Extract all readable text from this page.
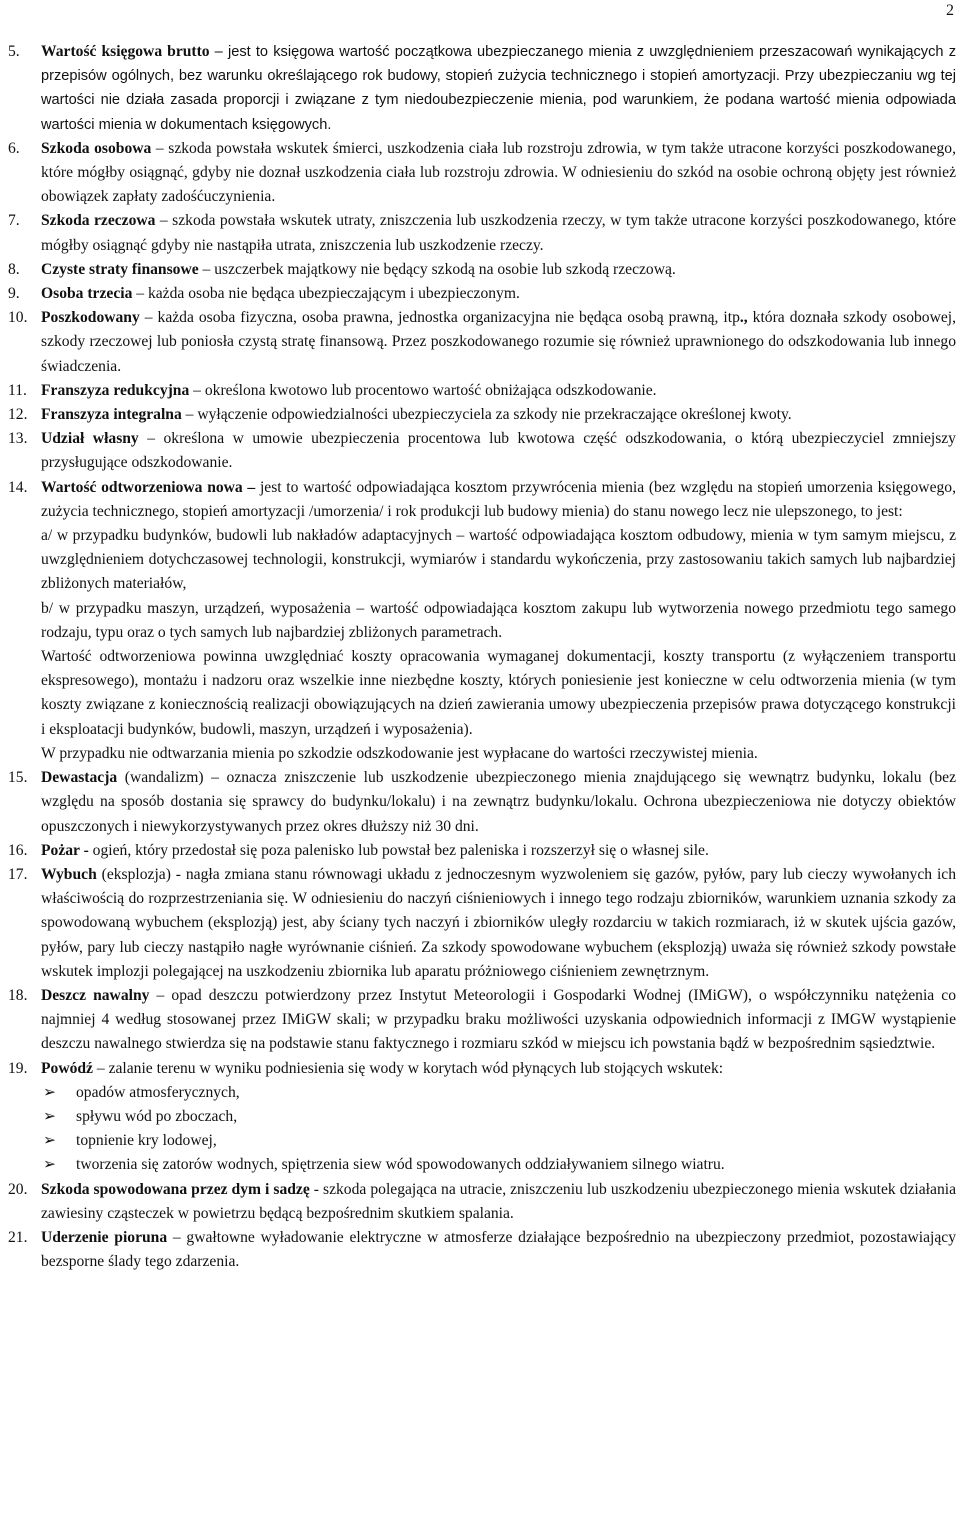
2
5. Wartość księgowa brutto – jest to księgowa wartość początkowa ubezpieczanego mienia z uwzględnieniem przeszacowań wynikających z przepisów ogólnych, bez warunku określającego rok budowy, stopień zużycia technicznego i stopień amortyzacji. Przy ubezpieczaniu wg tej wartości nie działa zasada proporcji i związane z tym niedoubezpieczenie mienia, pod warunkiem, że podana wartość mienia odpowiada wartości mienia w dokumentach księgowych.

6. Szkoda osobowa – szkoda powstała wskutek śmierci, uszkodzenia ciała lub rozstroju zdrowia, w tym także utracone korzyści poszkodowanego, które mógłby osiągnąć, gdyby nie doznał uszkodzenia ciała lub rozstroju zdrowia. W odniesieniu do szkód na osobie ochroną objęty jest również obowiązek zapłaty zadośćuczynienia.

7. Szkoda rzeczowa – szkoda powstała wskutek utraty, zniszczenia lub uszkodzenia rzeczy, w tym także utracone korzyści poszkodowanego, które mógłby osiągnąć gdyby nie nastąpiła utrata, zniszczenia lub uszkodzenie rzeczy.

8. Czyste straty finansowe – uszczerbek majątkowy nie będący szkodą na osobie lub szkodą rzeczową.

9. Osoba trzecia – każda osoba nie będąca ubezpieczającym i ubezpieczonym.

10. Poszkodowany – każda osoba fizyczna, osoba prawna, jednostka organizacyjna nie będąca osobą prawną, itp., która doznała szkody osobowej, szkody rzeczowej lub poniosła czystą stratę finansową. Przez poszkodowanego rozumie się również uprawnionego do odszkodowania lub innego świadczenia.

11. Franszyza redukcyjna – określona kwotowo lub procentowo wartość obniżająca odszkodowanie.

12. Franszyza integralna – wyłączenie odpowiedzialności ubezpieczyciela za szkody nie przekraczające określonej kwoty.

13. Udział własny – określona w umowie ubezpieczenia procentowa lub kwotowa część odszkodowania, o którą ubezpieczyciel zmniejszy przysługujące odszkodowanie.

14. Wartość odtworzeniowa nowa – jest to wartość odpowiadająca kosztom przywrócenia mienia (bez względu na stopień umorzenia księgowego, zużycia technicznego, stopień amortyzacji /umorzenia/ i rok produkcji lub budowy mienia) do stanu nowego lecz nie ulepszonego, to jest:

a/ w przypadku budynków, budowli lub nakładów adaptacyjnych – wartość odpowiadająca kosztom odbudowy, mienia w tym samym miejscu, z uwzględnieniem dotychczasowej technologii, konstrukcji, wymiarów i standardu wykończenia, przy zastosowaniu takich samych lub najbardziej zbliżonych materiałów,

b/ w przypadku maszyn, urządzeń, wyposażenia – wartość odpowiadająca kosztom zakupu lub wytworzenia nowego przedmiotu tego samego rodzaju, typu oraz o tych samych lub najbardziej zbliżonych parametrach.

Wartość odtworzeniowa powinna uwzględniać koszty opracowania wymaganej dokumentacji, koszty transportu (z wyłączeniem transportu ekspresowego), montażu i nadzoru oraz wszelkie inne niezbędne koszty, których poniesienie jest konieczne w celu odtworzenia mienia (w tym koszty związane z koniecznością realizacji obowiązujących na dzień zawierania umowy ubezpieczenia przepisów prawa dotyczącego konstrukcji i eksploatacji budynków, budowli, maszyn, urządzeń i wyposażenia).

W przypadku nie odtwarzania mienia po szkodzie odszkodowanie jest wypłacane do wartości rzeczywistej mienia.

15. Dewastacja (wandalizm) – oznacza zniszczenie lub uszkodzenie ubezpieczonego mienia znajdującego się wewnątrz budynku, lokalu (bez względu na sposób dostania się sprawcy do budynku/lokalu) i na zewnątrz budynku/lokalu. Ochrona ubezpieczeniowa nie dotyczy obiektów opuszczonych i niewykorzystywanych przez okres dłuższy niż 30 dni.

16. Pożar - ogień, który przedostał się poza palenisko lub powstał bez paleniska i rozszerzył się o własnej sile.

17. Wybuch (eksplozja) - nagła zmiana stanu równowagi układu z jednoczesnym wyzwoleniem się gazów, pyłów, pary lub cieczy wywołanych ich właściwością do rozprzestrzeniania się. W odniesieniu do naczyń ciśnieniowych i innego tego rodzaju zbiorników, warunkiem uznania szkody za spowodowaną wybuchem (eksplozją) jest, aby ściany tych naczyń i zbiorników uległy rozdarciu w takich rozmiarach, iż w skutek ujścia gazów, pyłów, pary lub cieczy nastąpiło nagłe wyrównanie ciśnień. Za szkody spowodowane wybuchem (eksplozją) uważa się również szkody powstałe wskutek implozji polegającej na uszkodzeniu zbiornika lub aparatu próżniowego ciśnieniem zewnętrznym.

18. Deszcz nawalny – opad deszczu potwierdzony przez Instytut Meteorologii i Gospodarki Wodnej (IMiGW), o współczynniku natężenia co najmniej 4 według stosowanej przez IMiGW skali; w przypadku braku możliwości uzyskania odpowiednich informacji z IMGW wystąpienie deszczu nawalnego stwierdza się na podstawie stanu faktycznego i rozmiaru szkód w miejscu ich powstania bądź w bezpośrednim sąsiedztwie.

19. Powódź – zalanie terenu w wyniku podniesienia się wody w korytach wód płynących lub stojących wskutek:

➢ opadów atmosferycznych,
➢ spływu wód po zboczach,
➢ topnienie kry lodowej,
➢ tworzenia się zatorów wodnych, spiętrzenia siew wód spowodowanych oddziaływaniem silnego wiatru.
20. Szkoda spowodowana przez dym i sadzę - szkoda polegająca na utracie, zniszczeniu lub uszkodzeniu ubezpieczonego mienia wskutek działania zawiesiny cząsteczek w powietrzu będącą bezpośrednim skutkiem spalania.

21. Uderzenie pioruna – gwałtowne wyładowanie elektryczne w atmosferze działające bezpośrednio na ubezpieczony przedmiot, pozostawiający bezsporne ślady tego zdarzenia.
